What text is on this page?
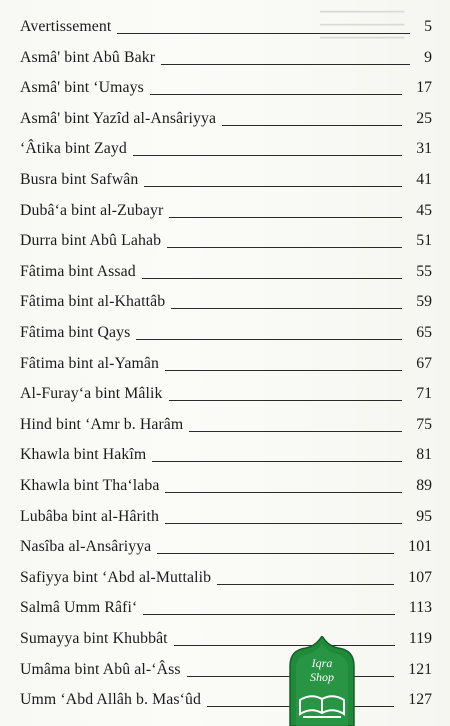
━━━━━━━━━━━━━━
━━━━━━━━━━━━━━
━━━━━━━━━━━━━━
Avertissement	5
Asmâ' bint Abû Bakr	9
Asmâ' bint ‘Umays	17
Asmâ' bint Yazîd al-Ansâriyya	25
‘Âtika bint Zayd	31
Busra bint Safwân	41
Dubâ‘a bint al-Zubayr	45
Durra bint Abû Lahab	51
Fâtima bint Assad	55
Fâtima bint al-Khattâb	59
Fâtima bint Qays	65
Fâtima bint al-Yamân	67
Al-Furay‘a bint Mâlik	71
Hind bint ‘Amr b. Harâm	75
Khawla bint Hakîm	81
Khawla bint Tha‘laba	89
Lubâba bint al-Hârith	95
Nasîba al-Ansâriyya	101
Safiyya bint ‘Abd al-Muttalib	107
Salmâ Umm Râfi‘	113
Sumayya bint Khubbât	119
Umâma bint Abû al-‘Âss	121
Umm ‘Abd Allâh b. Mas‘ûd	127
Iqra
Shop
